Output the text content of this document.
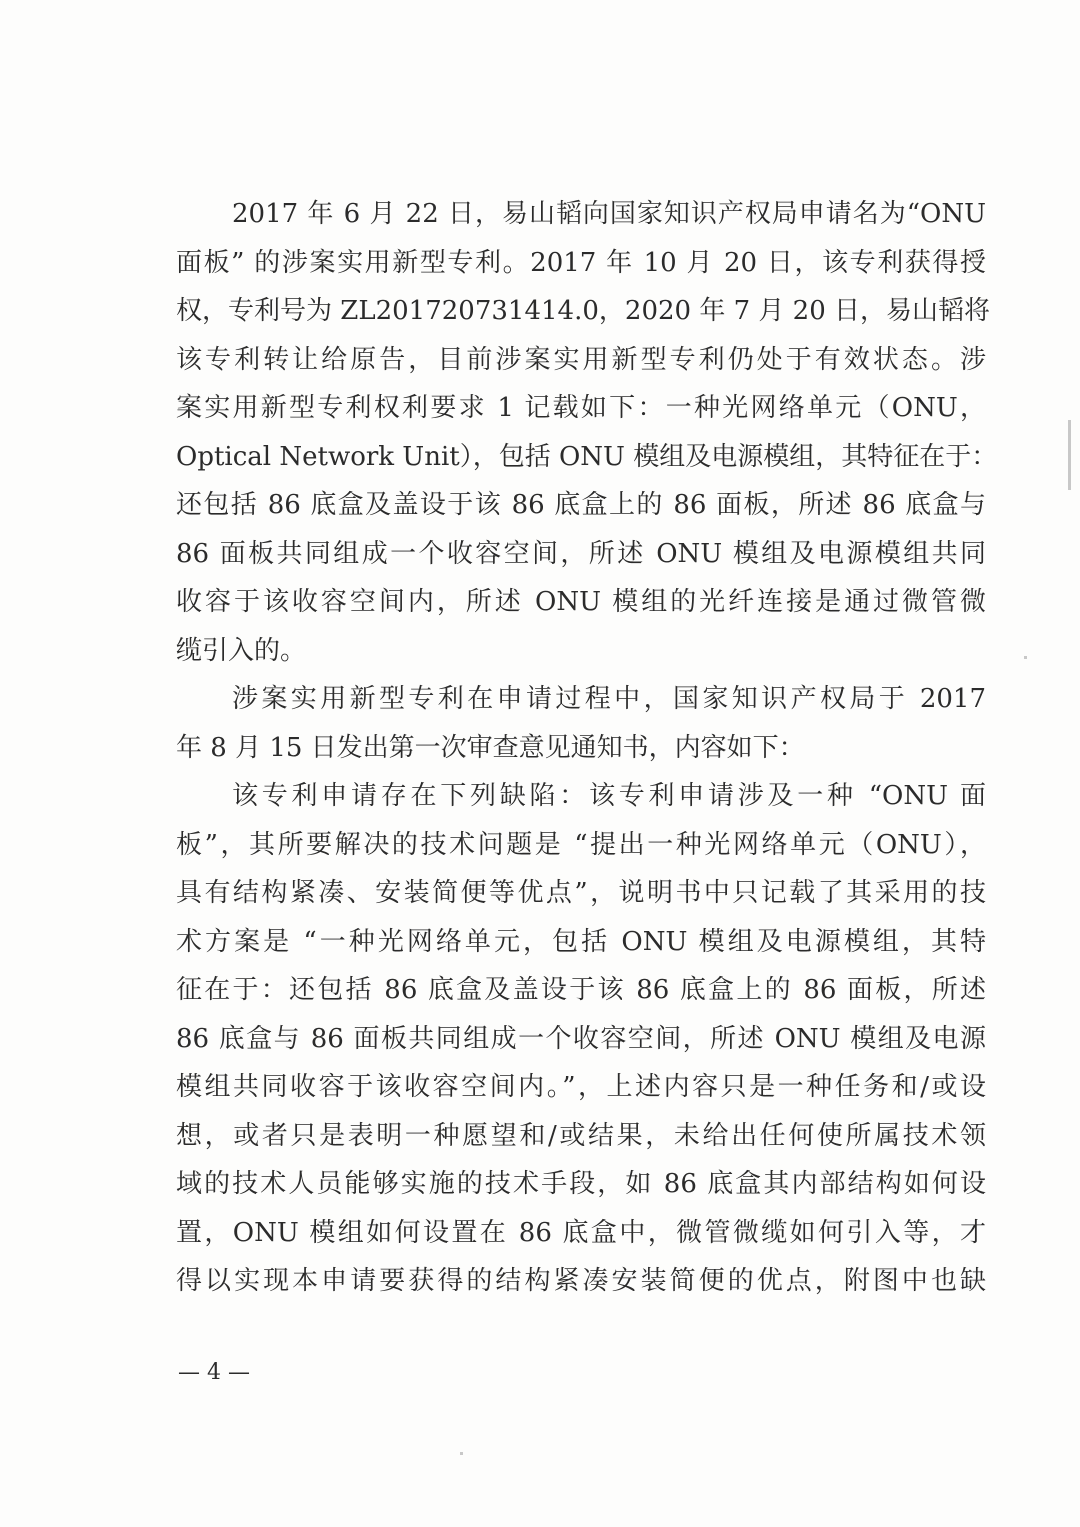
2017 年 6 月 22 日，易山韬向国家知识产权局申请名为“ONU
面板” 的涉案实用新型专利。2017 年 10 月 20 日，该专利获得授
权，专利号为 ZL201720731414.0，2020 年 7 月 20 日，易山韬将
该专利转让给原告，目前涉案实用新型专利仍处于有效状态。涉
案实用新型专利权利要求 1 记载如下：一种光网络单元（ONU，
Optical Network Unit），包括 ONU 模组及电源模组，其特征在于：
还包括 86 底盒及盖设于该 86 底盒上的 86 面板，所述 86 底盒与
86 面板共同组成一个收容空间，所述 ONU 模组及电源模组共同
收容于该收容空间内，所述 ONU 模组的光纤连接是通过微管微
缆引入的。
涉案实用新型专利在申请过程中，国家知识产权局于 2017
年 8 月 15 日发出第一次审查意见通知书，内容如下：
该专利申请存在下列缺陷：该专利申请涉及一种 “ONU 面
板”，其所要解决的技术问题是 “提出一种光网络单元（ONU），
具有结构紧凑、安装简便等优点”，说明书中只记载了其采用的技
术方案是 “一种光网络单元，包括 ONU 模组及电源模组，其特
征在于：还包括 86 底盒及盖设于该 86 底盒上的 86 面板，所述
86 底盒与 86 面板共同组成一个收容空间，所述 ONU 模组及电源
模组共同收容于该收容空间内。”，上述内容只是一种任务和/或设
想，或者只是表明一种愿望和/或结果，未给出任何使所属技术领
域的技术人员能够实施的技术手段，如 86 底盒其内部结构如何设
置，ONU 模组如何设置在 86 底盒中，微管微缆如何引入等，才
得以实现本申请要获得的结构紧凑安装简便的优点，附图中也缺
— 4 —
